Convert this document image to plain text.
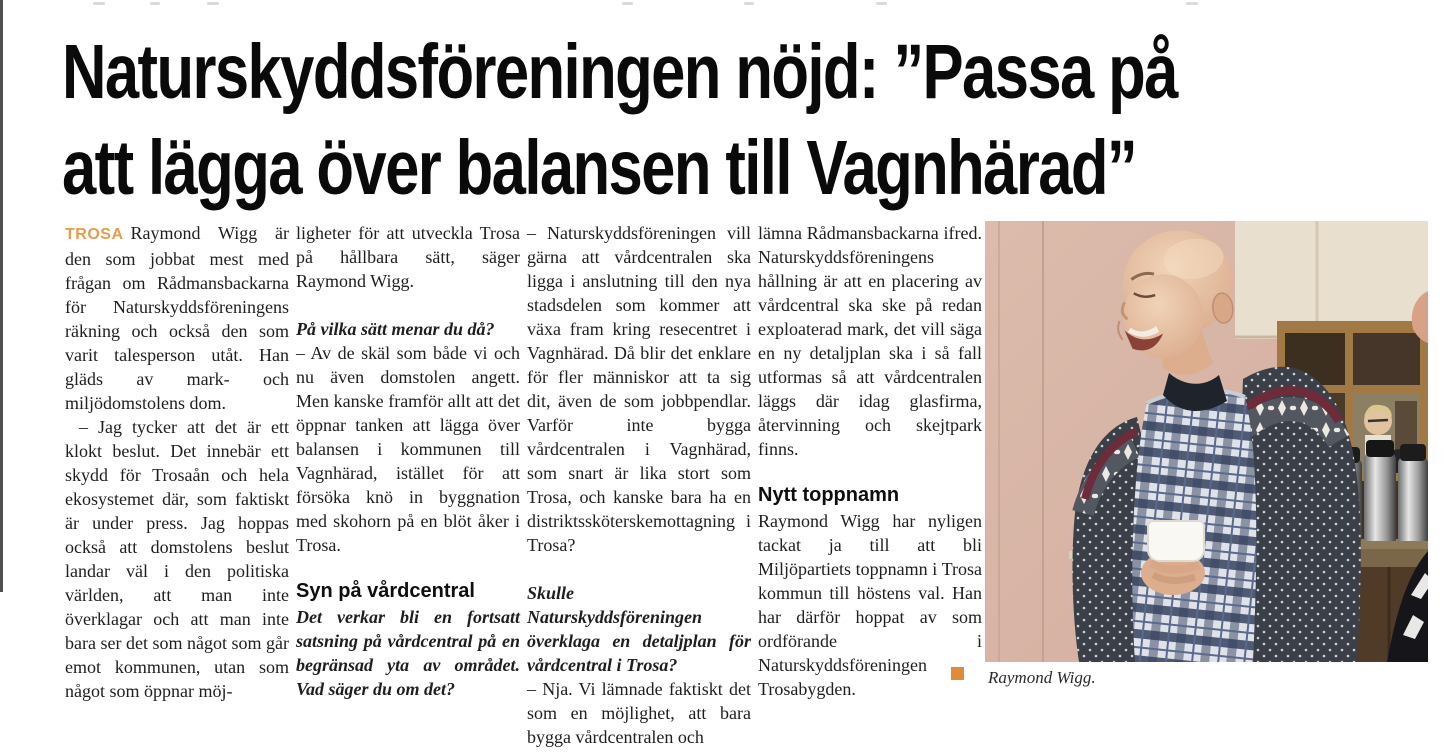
Naturskyddsföreningen nöjd: ”Passa på
att lägga över balansen till Vagnhärad”

TROSA Raymond Wigg är den som jobbat mest med frågan om Rådmansbackarna för Naturskyddsföreningens räkning och också den som varit talesperson utåt. Han gläds av mark- och miljödomstolens dom.

– Jag tycker att det är ett klokt beslut. Det innebär ett skydd för Trosaån och hela ekosystemet där, som faktiskt är under press. Jag hoppas också att domstolens beslut landar väl i den politiska världen, att man inte överklagar och att man inte bara ser det som något som går emot kommunen, utan som något som öppnar möj-

ligheter för att utveckla Trosa på hållbara sätt, säger Raymond Wigg.

På vilka sätt menar du då?

– Av de skäl som både vi och nu även domstolen angett. Men kanske framför allt att det öppnar tanken att lägga över balansen i kommunen till Vagnhärad, istället för att försöka knö in byggnation med skohorn på en blöt åker i Trosa.

Syn på vårdcentral

Det verkar bli en fortsatt satsning på vårdcentral på en begränsad yta av området. Vad säger du om det?

– Naturskyddsföreningen vill gärna att vårdcentralen ska ligga i anslutning till den nya stadsdelen som kommer att växa fram kring resecentret i Vagnhärad. Då blir det enklare för fler människor att ta sig dit, även de som jobbpendlar. Varför inte bygga vårdcentralen i Vagnhärad, som snart är lika stort som Trosa, och kanske bara ha en distriktssköterskemottagning i Trosa?

Skulle Naturskyddsföreningen överklaga en detaljplan för vårdcentral i Trosa?

– Nja. Vi lämnade faktiskt det som en möjlighet, att bara bygga vårdcentralen och

lämna Rådmansbackarna ifred. Naturskyddsföreningens hållning är att en placering av vårdcentral ska ske på redan exploaterad mark, det vill säga en ny detaljplan ska i så fall utformas så att vårdcentralen läggs där idag glasfirma, återvinning och skejtpark finns.

Nytt toppnamn

Raymond Wigg har nyligen tackat ja till att bli Miljöpartiets toppnamn i Trosa kommun till höstens val. Han har därför hoppat av som ordförande i Naturskyddsföreningen Trosabygden.

Raymond Wigg.
